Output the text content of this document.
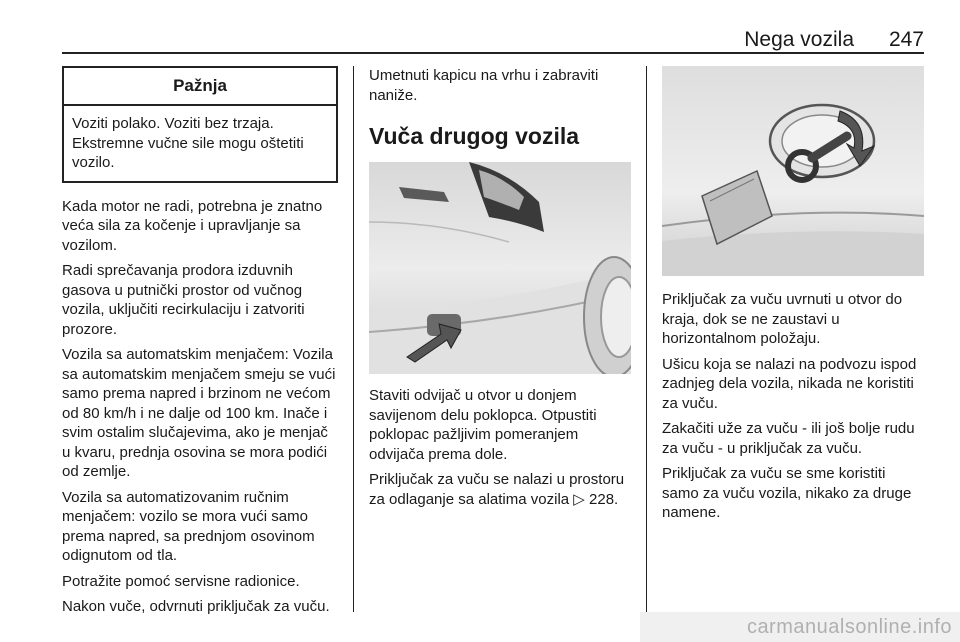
Nega vozila 247
Pažnja
Voziti polako. Voziti bez trzaja. Ekstremne vučne sile mogu oštetiti vozilo.

Kada motor ne radi, potrebna je znatno veća sila za kočenje i upravljanje sa vozilom.

Radi sprečavanja prodora izduvnih gasova u putnički prostor od vučnog vozila, uključiti recirkulaciju i zatvoriti prozore.

Vozila sa automatskim menjačem: Vozila sa automatskim menjačem smeju se vući samo prema napred i brzinom ne većom od 80 km/h i ne dalje od 100 km. Inače i svim ostalim slučajevima, ako je menjač u kvaru, prednja osovina se mora podići od zemlje.

Vozila sa automatizovanim ručnim menjačem: vozilo se mora vući samo prema napred, sa prednjom osovinom odignutom od tla.

Potražite pomoć servisne radionice.

Nakon vuče, odvrnuti priključak za vuču.

Umetnuti kapicu na vrhu i zabraviti naniže.

Vuča drugog vozila

Staviti odvijač u otvor u donjem savijenom delu poklopca. Otpustiti poklopac pažljivim pomeranjem odvijača prema dole.

Priključak za vuču se nalazi u prostoru za odlaganje sa alatima vozila ▷ 228.

Priključak za vuču uvrnuti u otvor do kraja, dok se ne zaustavi u horizontalnom položaju.

Ušicu koja se nalazi na podvozu ispod zadnjeg dela vozila, nikada ne koristiti za vuču.

Zakačiti uže za vuču - ili još bolje rudu za vuču - u priključak za vuču.

Priključak za vuču se sme koristiti samo za vuču vozila, nikako za druge namene.

carmanualsonline.info
